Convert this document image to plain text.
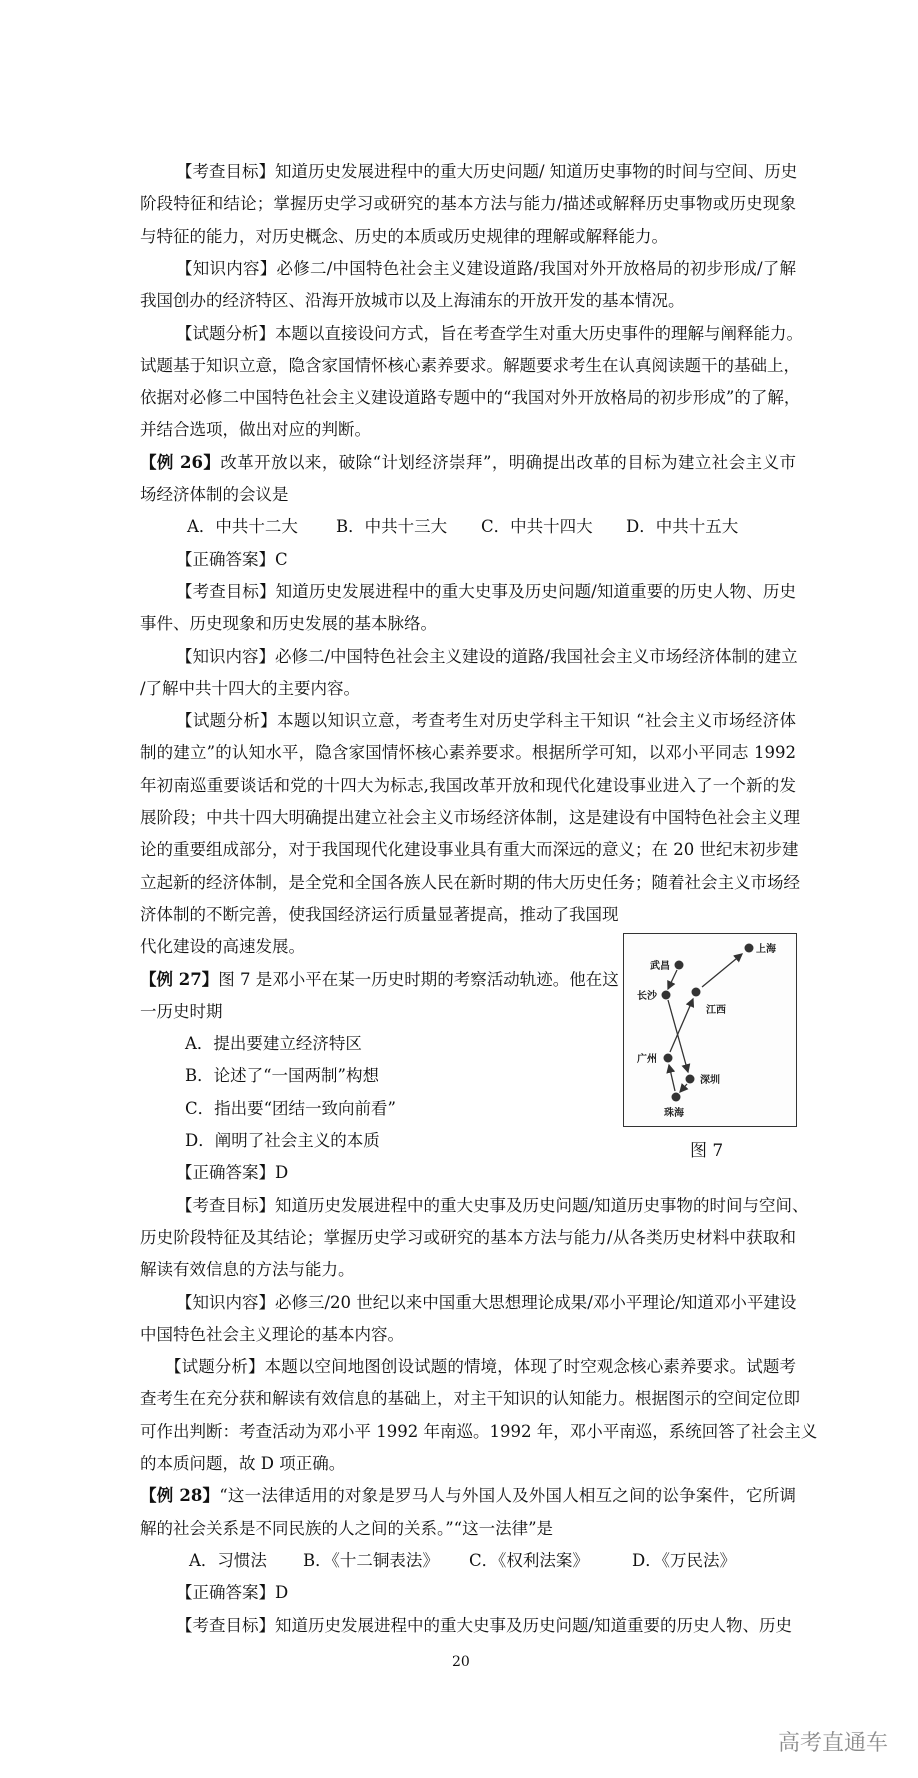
【考查目标】知道历史发展进程中的重大历史问题/ 知道历史事物的时间与空间、历史
阶段特征和结论；掌握历史学习或研究的基本方法与能力/描述或解释历史事物或历史现象
与特征的能力，对历史概念、历史的本质或历史规律的理解或解释能力。
【知识内容】必修二/中国特色社会主义建设道路/我国对外开放格局的初步形成/了解
我国创办的经济特区、沿海开放城市以及上海浦东的开放开发的基本情况。
【试题分析】本题以直接设问方式，旨在考查学生对重大历史事件的理解与阐释能力。
试题基于知识立意，隐含家国情怀核心素养要求。解题要求考生在认真阅读题干的基础上，
依据对必修二中国特色社会主义建设道路专题中的“我国对外开放格局的初步形成”的了解，
并结合选项，做出对应的判断。
【例 26】改革开放以来，破除“计划经济崇拜”，明确提出改革的目标为建立社会主义市
场经济体制的会议是
A．中共十二大 B．中共十三大 C．中共十四大 D．中共十五大
【正确答案】C
【考查目标】知道历史发展进程中的重大史事及历史问题/知道重要的历史人物、历史
事件、历史现象和历史发展的基本脉络。
【知识内容】必修二/中国特色社会主义建设的道路/我国社会主义市场经济体制的建立
/了解中共十四大的主要内容。
【试题分析】本题以知识立意，考查考生对历史学科主干知识 “社会主义市场经济体
制的建立”的认知水平，隐含家国情怀核心素养要求。根据所学可知，以邓小平同志 1992
年初南巡重要谈话和党的十四大为标志,我国改革开放和现代化建设事业进入了一个新的发
展阶段；中共十四大明确提出建立社会主义市场经济体制，这是建设有中国特色社会主义理
论的重要组成部分，对于我国现代化建设事业具有重大而深远的意义；在 20 世纪末初步建
立起新的经济体制，是全党和全国各族人民在新时期的伟大历史任务；随着社会主义市场经
济体制的不断完善，使我国经济运行质量显著提高，推动了我国现
代化建设的高速发展。
【例 27】图 7 是邓小平在某一历史时期的考察活动轨迹。他在这
一历史时期
A．提出要建立经济特区
B．论述了“一国两制”构想
C．指出要“团结一致向前看”
D．阐明了社会主义的本质
【正确答案】D
【考查目标】知道历史发展进程中的重大史事及历史问题/知道历史事物的时间与空间、
历史阶段特征及其结论；掌握历史学习或研究的基本方法与能力/从各类历史材料中获取和
解读有效信息的方法与能力。
【知识内容】必修三/20 世纪以来中国重大思想理论成果/邓小平理论/知道邓小平建设
中国特色社会主义理论的基本内容。
【试题分析】本题以空间地图创设试题的情境，体现了时空观念核心素养要求。试题考
查考生在充分获和解读有效信息的基础上，对主干知识的认知能力。根据图示的空间定位即
可作出判断：考查活动为邓小平 1992 年南巡。1992 年，邓小平南巡，系统回答了社会主义
的本质问题，故 D 项正确。
【例 28】“这一法律适用的对象是罗马人与外国人及外国人相互之间的讼争案件，它所调
解的社会关系是不同民族的人之间的关系。”“这一法律”是
A．习惯法 B．《十二铜表法》 C．《权利法案》	D．《万民法》
【正确答案】D
【考查目标】知道历史发展进程中的重大史事及历史问题/知道重要的历史人物、历史
上海
武昌
长沙
江西
广州
深圳
珠海
图 7
20
高考直通车
